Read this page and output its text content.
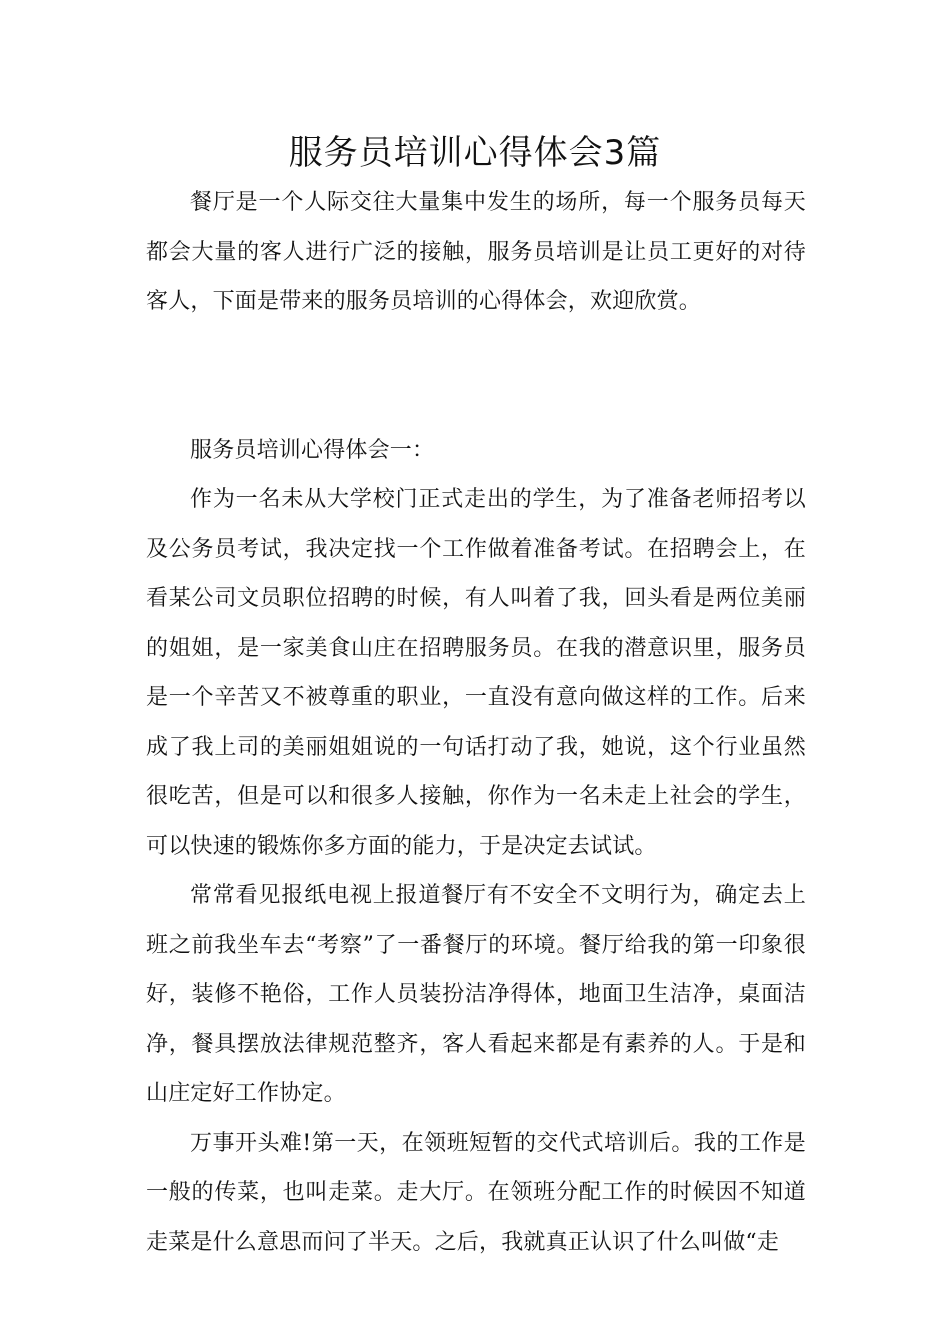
服务员培训心得体会3篇

餐厅是一个人际交往大量集中发生的场所，每一个服务员每天都会大量的客人进行广泛的接触，服务员培训是让员工更好的对待客人，下面是带来的服务员培训的心得体会，欢迎欣赏。

服务员培训心得体会一：

作为一名未从大学校门正式走出的学生，为了准备老师招考以及公务员考试，我决定找一个工作做着准备考试。在招聘会上，在看某公司文员职位招聘的时候，有人叫着了我，回头看是两位美丽的姐姐，是一家美食山庄在招聘服务员。在我的潜意识里，服务员是一个辛苦又不被尊重的职业，一直没有意向做这样的工作。后来成了我上司的美丽姐姐说的一句话打动了我，她说，这个行业虽然很吃苦，但是可以和很多人接触，你作为一名未走上社会的学生，可以快速的锻炼你多方面的能力，于是决定去试试。

常常看见报纸电视上报道餐厅有不安全不文明行为，确定去上班之前我坐车去“考察”了一番餐厅的环境。餐厅给我的第一印象很好，装修不艳俗，工作人员装扮洁净得体，地面卫生洁净，桌面洁净，餐具摆放法律规范整齐，客人看起来都是有素养的人。于是和山庄定好工作协定。

万事开头难!第一天，在领班短暂的交代式培训后。我的工作是一般的传菜，也叫走菜。走大厅。在领班分配工作的时候因不知道走菜是什么意思而问了半天。之后，我就真正认识了什么叫做“走
